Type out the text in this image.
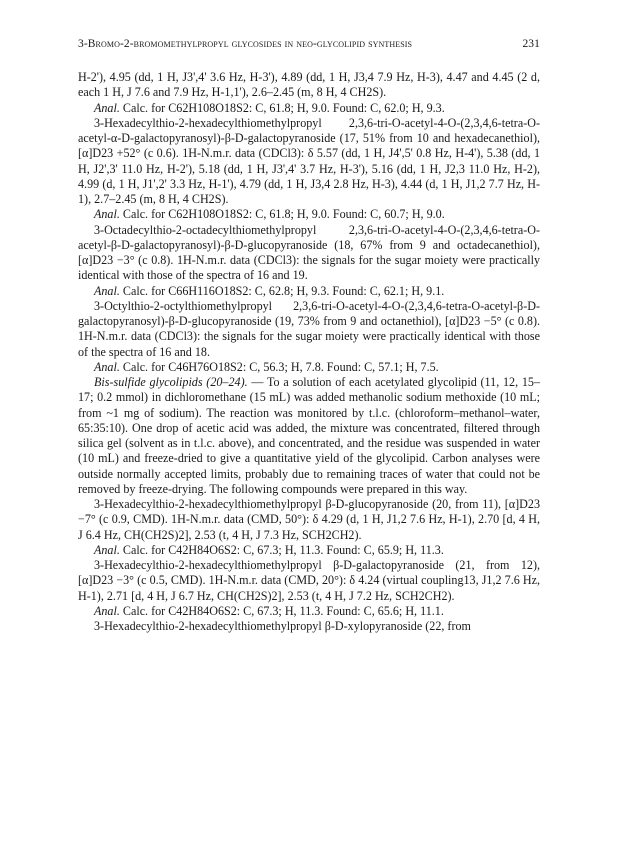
3-Bromo-2-bromomethylpropyl glycosides in neo-glycolipid synthesis	231

H-2'), 4.95 (dd, 1 H, J3',4' 3.6 Hz, H-3'), 4.89 (dd, 1 H, J3,4 7.9 Hz, H-3), 4.47 and 4.45 (2 d, each 1 H, J 7.6 and 7.9 Hz, H-1,1'), 2.6–2.45 (m, 8 H, 4 CH2S).

Anal. Calc. for C62H108O18S2: C, 61.8; H, 9.0. Found: C, 62.0; H, 9.3.

3-Hexadecylthio-2-hexadecylthiomethylpropyl 2,3,6-tri-O-acetyl-4-O-(2,3,4,6-tetra-O-acetyl-α-D-galactopyranosyl)-β-D-galactopyranoside (17, 51% from 10 and hexadecanethiol), [α]D23 +52° (c 0.6). 1H-N.m.r. data (CDCl3): δ 5.57 (dd, 1 H, J4',5' 0.8 Hz, H-4'), 5.38 (dd, 1 H, J2',3' 11.0 Hz, H-2'), 5.18 (dd, 1 H, J3',4' 3.7 Hz, H-3'), 5.16 (dd, 1 H, J2,3 11.0 Hz, H-2), 4.99 (d, 1 H, J1',2' 3.3 Hz, H-1'), 4.79 (dd, 1 H, J3,4 2.8 Hz, H-3), 4.44 (d, 1 H, J1,2 7.7 Hz, H-1), 2.7–2.45 (m, 8 H, 4 CH2S).

Anal. Calc. for C62H108O18S2: C, 61.8; H, 9.0. Found: C, 60.7; H, 9.0.

3-Octadecylthio-2-octadecylthiomethylpropyl 2,3,6-tri-O-acetyl-4-O-(2,3,4,6-tetra-O-acetyl-β-D-galactopyranosyl)-β-D-glucopyranoside (18, 67% from 9 and octadecanethiol), [α]D23 −3° (c 0.8). 1H-N.m.r. data (CDCl3): the signals for the sugar moiety were practically identical with those of the spectra of 16 and 19.

Anal. Calc. for C66H116O18S2: C, 62.8; H, 9.3. Found: C, 62.1; H, 9.1.

3-Octylthio-2-octylthiomethylpropyl 2,3,6-tri-O-acetyl-4-O-(2,3,4,6-tetra-O-acetyl-β-D-galactopyranosyl)-β-D-glucopyranoside (19, 73% from 9 and octanethiol), [α]D23 −5° (c 0.8). 1H-N.m.r. data (CDCl3): the signals for the sugar moiety were practically identical with those of the spectra of 16 and 18.

Anal. Calc. for C46H76O18S2: C, 56.3; H, 7.8. Found: C, 57.1; H, 7.5.

Bis-sulfide glycolipids (20–24). — To a solution of each acetylated glycolipid (11, 12, 15–17; 0.2 mmol) in dichloromethane (15 mL) was added methanolic sodium methoxide (10 mL; from ~1 mg of sodium). The reaction was monitored by t.l.c. (chloroform–methanol–water, 65:35:10). One drop of acetic acid was added, the mixture was concentrated, filtered through silica gel (solvent as in t.l.c. above), and concentrated, and the residue was suspended in water (10 mL) and freeze-dried to give a quantitative yield of the glycolipid. Carbon analyses were outside normally accepted limits, probably due to remaining traces of water that could not be removed by freeze-drying. The following compounds were prepared in this way.

3-Hexadecylthio-2-hexadecylthiomethylpropyl β-D-glucopyranoside (20, from 11), [α]D23 −7° (c 0.9, CMD). 1H-N.m.r. data (CMD, 50°): δ 4.29 (d, 1 H, J1,2 7.6 Hz, H-1), 2.70 [d, 4 H, J 6.4 Hz, CH(CH2S)2], 2.53 (t, 4 H, J 7.3 Hz, SCH2CH2).

Anal. Calc. for C42H84O6S2: C, 67.3; H, 11.3. Found: C, 65.9; H, 11.3.

3-Hexadecylthio-2-hexadecylthiomethylpropyl β-D-galactopyranoside (21, from 12), [α]D23 −3° (c 0.5, CMD). 1H-N.m.r. data (CMD, 20°): δ 4.24 (virtual coupling13, J1,2 7.6 Hz, H-1), 2.71 [d, 4 H, J 6.7 Hz, CH(CH2S)2], 2.53 (t, 4 H, J 7.2 Hz, SCH2CH2).

Anal. Calc. for C42H84O6S2: C, 67.3; H, 11.3. Found: C, 65.6; H, 11.1.

3-Hexadecylthio-2-hexadecylthiomethylpropyl β-D-xylopyranoside (22, from
